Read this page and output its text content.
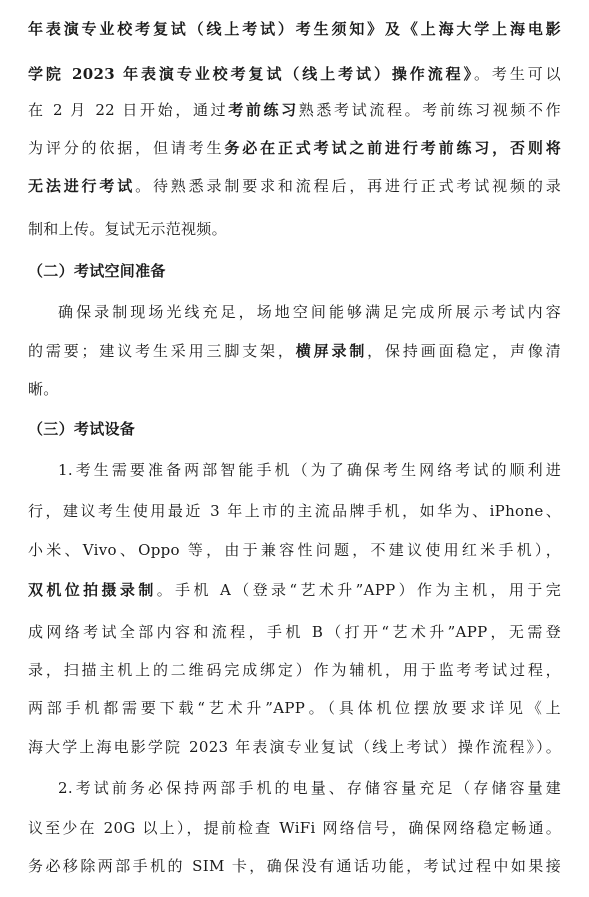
年表演专业校考复试（线上考试）考生须知》及《上海大学上海电影
学院 2023 年表演专业校考复试（线上考试）操作流程》。考生可以
在 2 月 22 日开始，通过考前练习熟悉考试流程。考前练习视频不作
为评分的依据，但请考生务必在正式考试之前进行考前练习，否则将
无法进行考试。待熟悉录制要求和流程后，再进行正式考试视频的录
制和上传。复试无示范视频。
（二）考试空间准备
确保录制现场光线充足，场地空间能够满足完成所展示考试内容
的需要；建议考生采用三脚支架，横屏录制，保持画面稳定，声像清
晰。
（三）考试设备
1.考生需要准备两部智能手机（为了确保考生网络考试的顺利进
行，建议考生使用最近 3 年上市的主流品牌手机，如华为、iPhone、
小米、Vivo、Oppo 等，由于兼容性问题，不建议使用红米手机），
双机位拍摄录制。手机 A（登录“艺术升”APP）作为主机，用于完
成网络考试全部内容和流程，手机 B（打开“艺术升”APP，无需登
录，扫描主机上的二维码完成绑定）作为辅机，用于监考考试过程，
两部手机都需要下载“艺术升”APP。（具体机位摆放要求详见《上
海大学上海电影学院 2023 年表演专业复试（线上考试）操作流程》）。
2.考试前务必保持两部手机的电量、存储容量充足（存储容量建
议至少在 20G 以上），提前检查 WiFi 网络信号，确保网络稳定畅通。
务必移除两部手机的 SIM 卡，确保没有通话功能，考试过程中如果接
